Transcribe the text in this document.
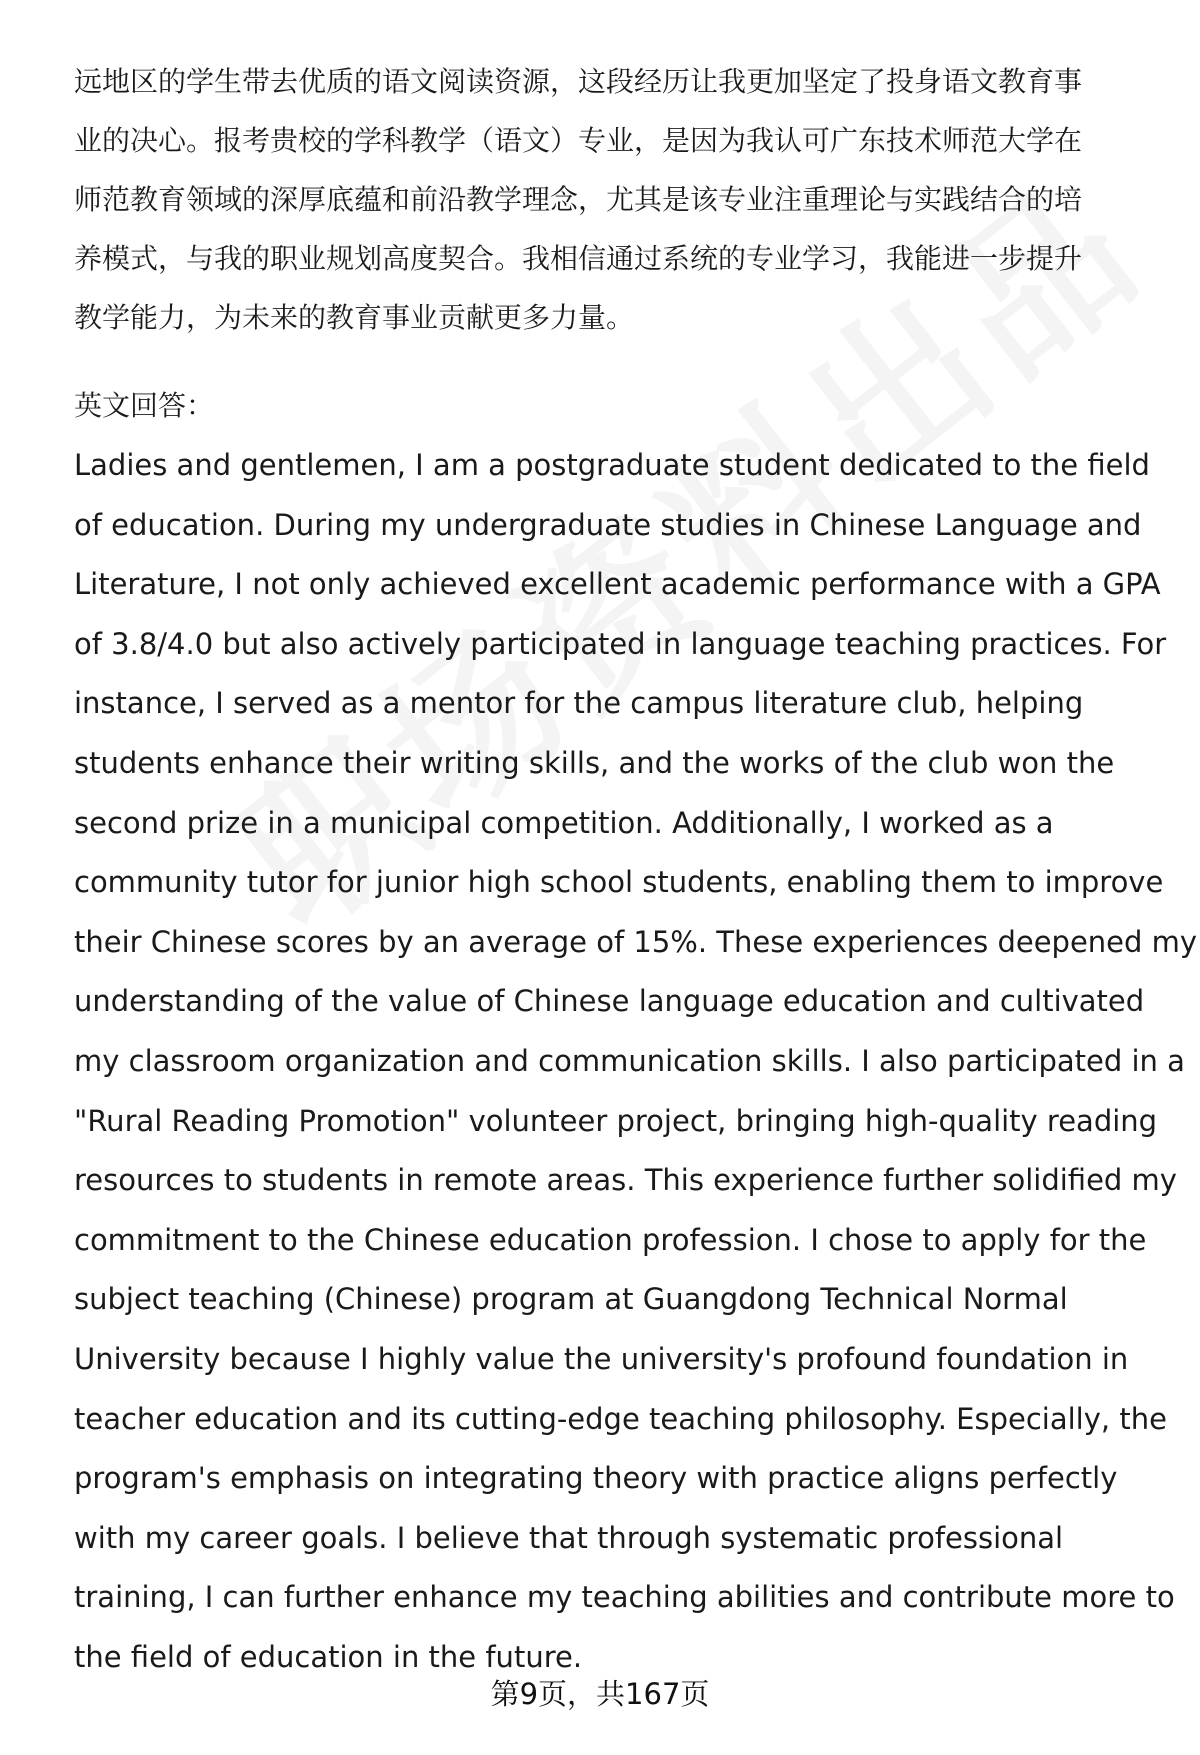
远地区的学生带去优质的语文阅读资源，这段经历让我更加坚定了投身语文教育事

业的决心。报考贵校的学科教学（语文）专业，是因为我认可广东技术师范大学在

师范教育领域的深厚底蕴和前沿教学理念，尤其是该专业注重理论与实践结合的培

养模式，与我的职业规划高度契合。我相信通过系统的专业学习，我能进一步提升

教学能力，为未来的教育事业贡献更多力量。

英文回答：

Ladies and gentlemen, I am a postgraduate student dedicated to the field

of education. During my undergraduate studies in Chinese Language and

Literature, I not only achieved excellent academic performance with a GPA

of 3.8/4.0 but also actively participated in language teaching practices. For

instance, I served as a mentor for the campus literature club, helping

students enhance their writing skills, and the works of the club won the

second prize in a municipal competition. Additionally, I worked as a

community tutor for junior high school students, enabling them to improve

their Chinese scores by an average of 15%. These experiences deepened my

understanding of the value of Chinese language education and cultivated

my classroom organization and communication skills. I also participated in a

"Rural Reading Promotion" volunteer project, bringing high-quality reading

resources to students in remote areas. This experience further solidified my

commitment to the Chinese education profession. I chose to apply for the

subject teaching (Chinese) program at Guangdong Technical Normal

University because I highly value the university's profound foundation in

teacher education and its cutting-edge teaching philosophy. Especially, the

program's emphasis on integrating theory with practice aligns perfectly

with my career goals. I believe that through systematic professional

training, I can further enhance my teaching abilities and contribute more to

the field of education in the future.

第9页，共167页
